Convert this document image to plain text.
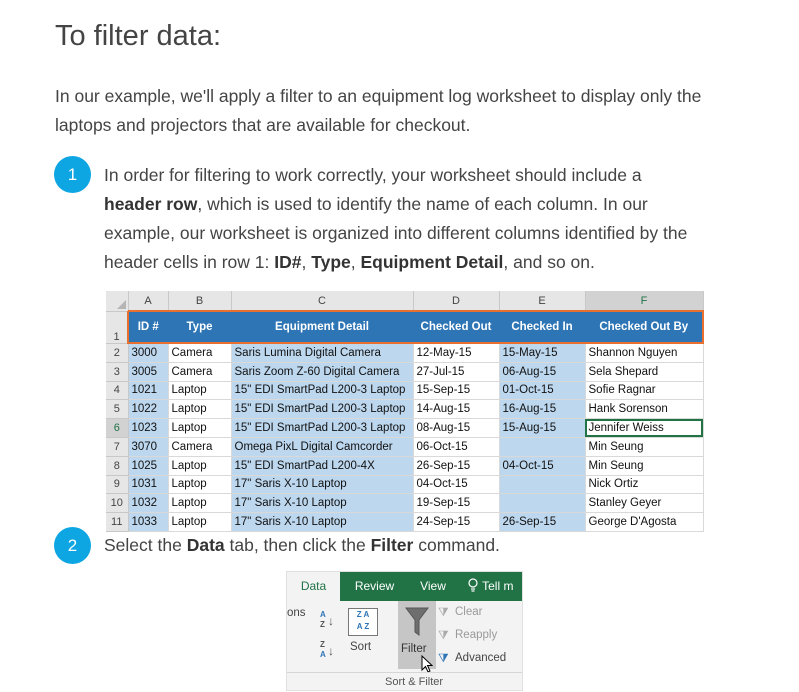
To filter data:

In our example, we'll apply a filter to an equipment log worksheet to display only the laptops and projectors that are available for checkout.

1	In order for filtering to work correctly, your worksheet should include a header row, which is used to identify the name of each column. In our example, our worksheet is organized into different columns identified by the header cells in row 1: ID#, Type, Equipment Detail, and so on.

	A	B	C	D	E	F
1	ID #	Type	Equipment Detail	Checked Out	Checked In	Checked Out By
2	3000	Camera	Saris Lumina Digital Camera	12-May-15	15-May-15	Shannon Nguyen
3	3005	Camera	Saris Zoom Z-60 Digital Camera	27-Jul-15	06-Aug-15	Sela Shepard
4	1021	Laptop	15" EDI SmartPad L200-3 Laptop	15-Sep-15	01-Oct-15	Sofie Ragnar
5	1022	Laptop	15" EDI SmartPad L200-3 Laptop	14-Aug-15	16-Aug-15	Hank Sorenson
6	1023	Laptop	15" EDI SmartPad L200-3 Laptop	08-Aug-15	15-Aug-15	Jennifer Weiss
7	3070	Camera	Omega PixL Digital Camcorder	06-Oct-15		Min Seung
8	1025	Laptop	15" EDI SmartPad L200-4X	26-Sep-15	04-Oct-15	Min Seung
9	1031	Laptop	17" Saris X-10 Laptop	04-Oct-15		Nick Ortiz
10	1032	Laptop	17" Saris X-10 Laptop	19-Sep-15		Stanley Geyer
11	1033	Laptop	17" Saris X-10 Laptop	24-Sep-15	26-Sep-15	George D'Agosta
2	Select the Data tab, then click the Filter command.

Data	Review	View	Tell m
ons A
Z ↓
Z
A ↓
Z A
A Z
Sort	Filter
⧩ Clear
⧩ Reapply
⧩ Advanced
Sort & Filter
